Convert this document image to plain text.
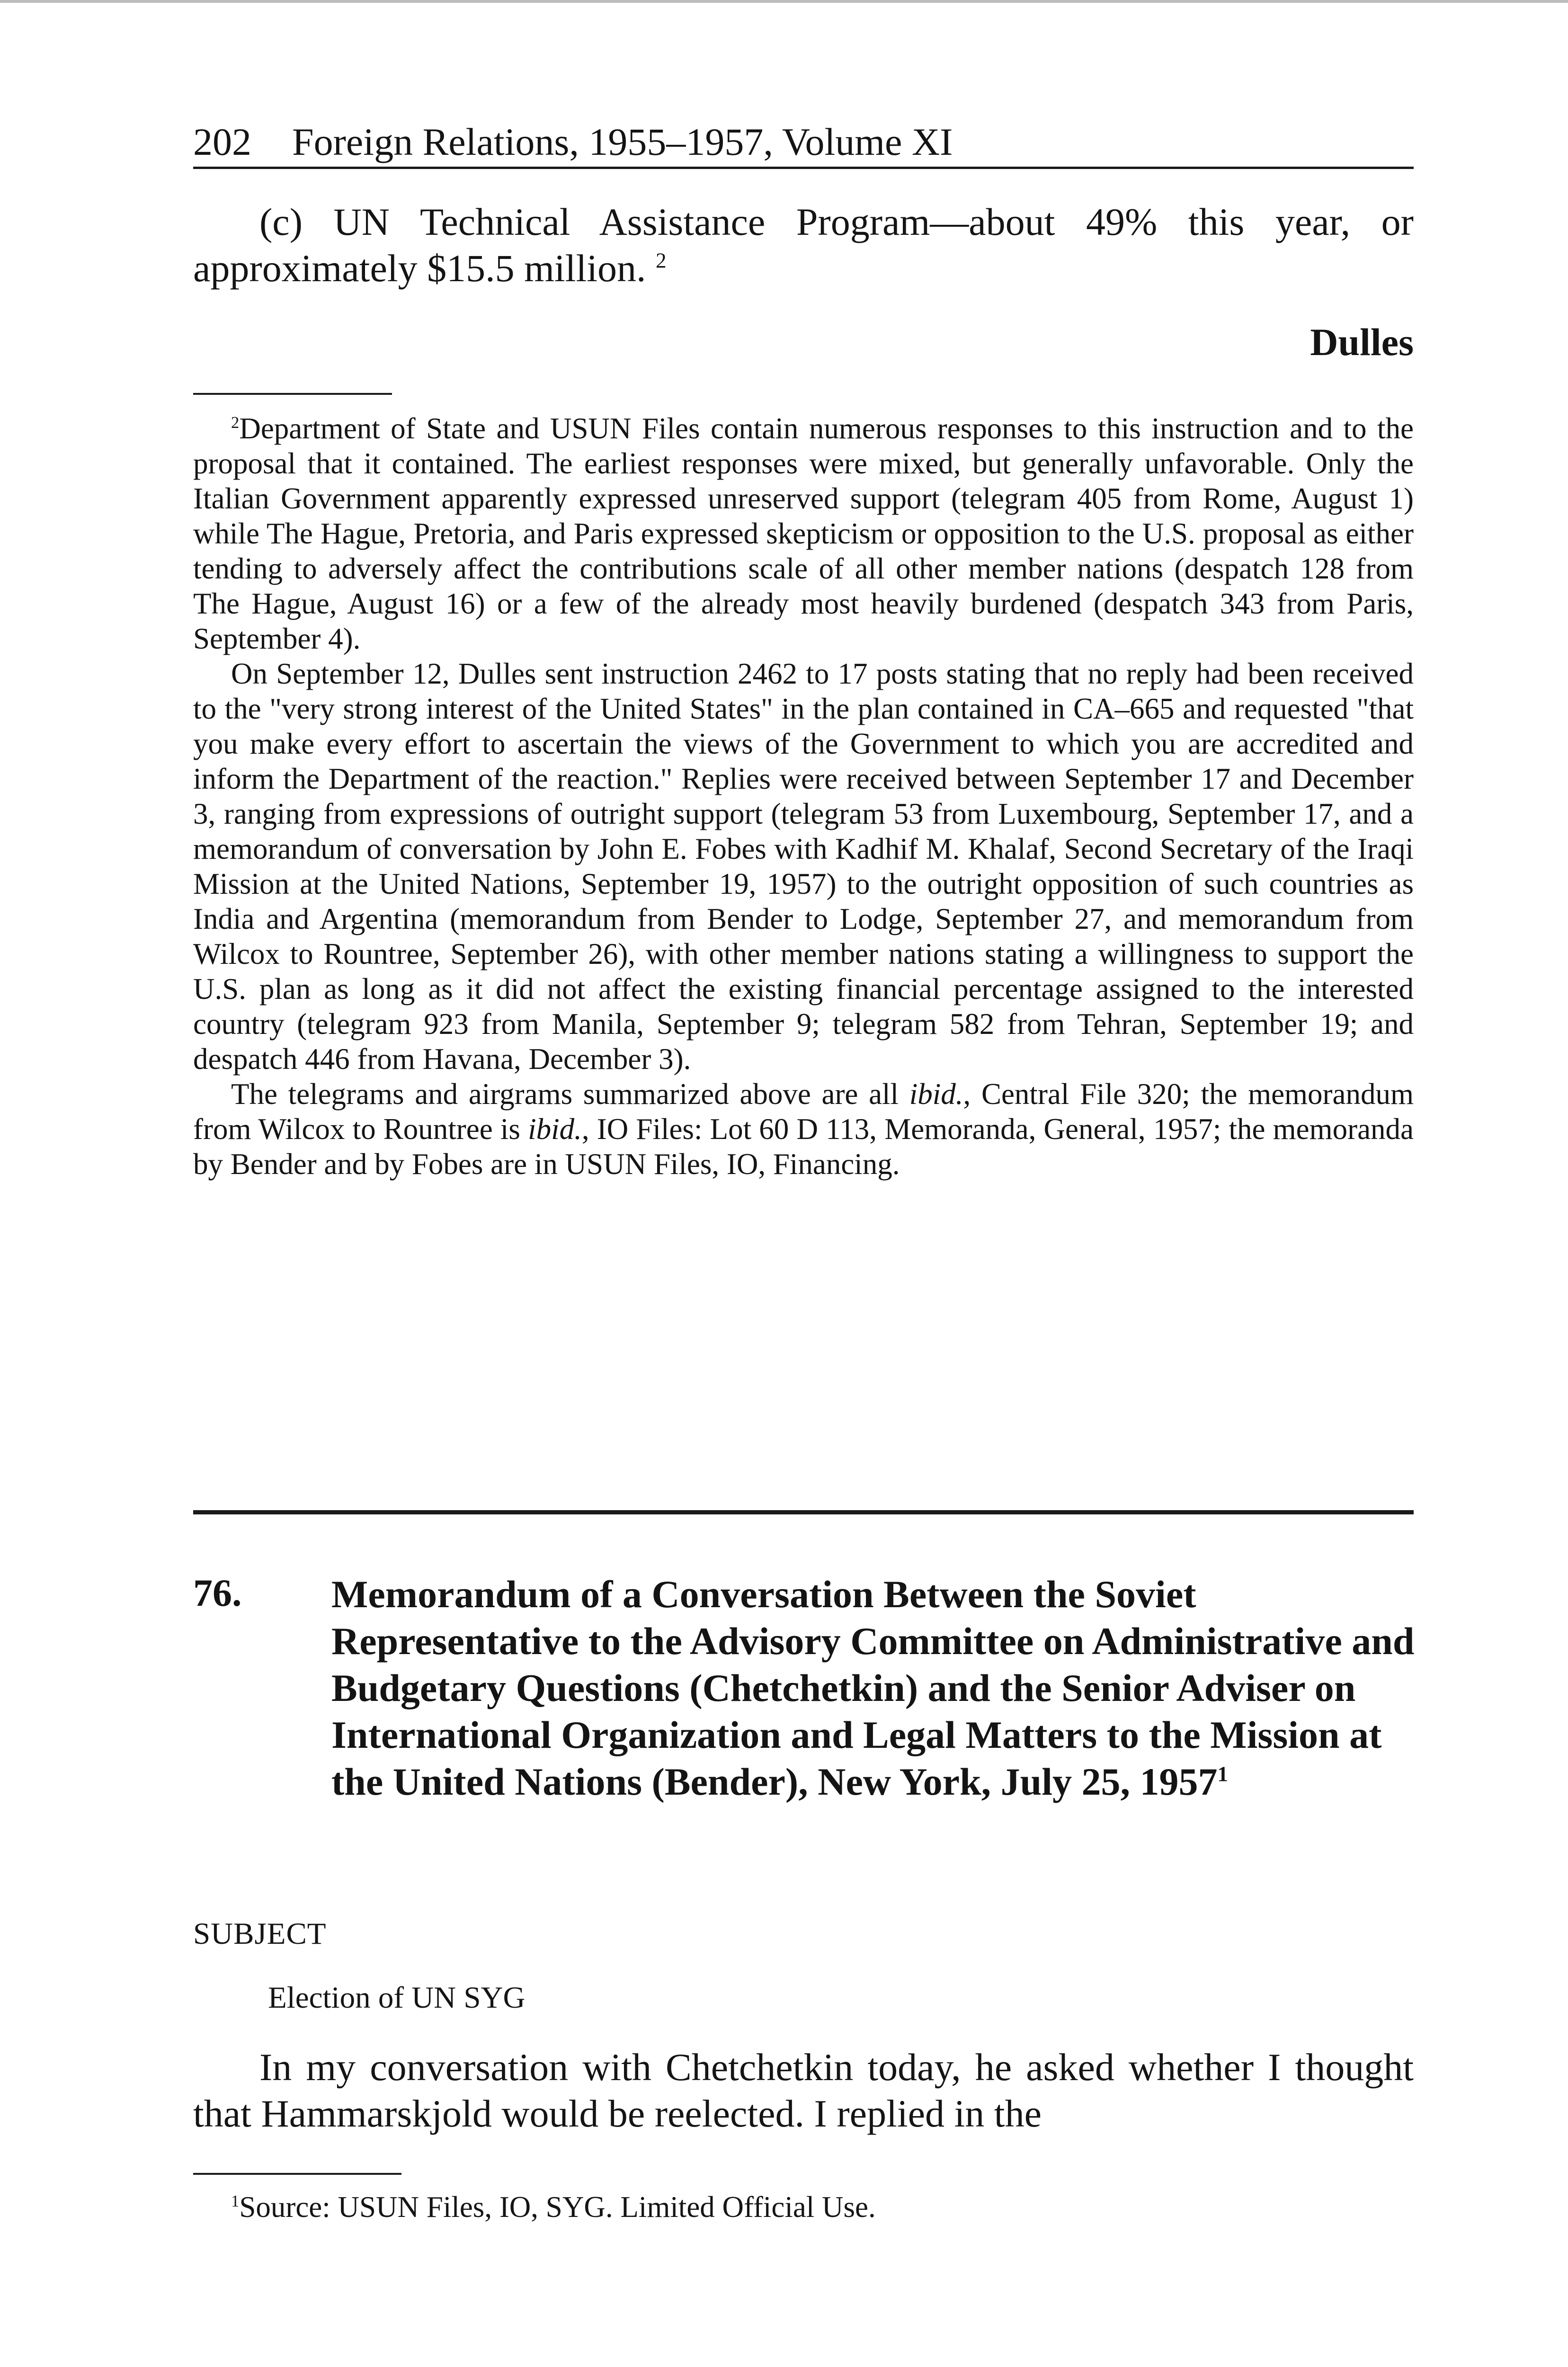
202 Foreign Relations, 1955–1957, Volume XI

(c) UN Technical Assistance Program—about 49% this year, or approximately $15.5 million. $^2$

Dulles

$^2$Department of State and USUN Files contain numerous responses to this instruction and to the proposal that it contained. The earliest responses were mixed, but generally unfavorable. Only the Italian Government apparently expressed unreserved support (telegram 405 from Rome, August 1) while The Hague, Pretoria, and Paris expressed skepticism or opposition to the U.S. proposal as either tending to adversely affect the contributions scale of all other member nations (despatch 128 from The Hague, August 16) or a few of the already most heavily burdened (despatch 343 from Paris, September 4).

On September 12, Dulles sent instruction 2462 to 17 posts stating that no reply had been received to the "very strong interest of the United States" in the plan contained in CA–665 and requested "that you make every effort to ascertain the views of the Government to which you are accredited and inform the Department of the reaction." Replies were received between September 17 and December 3, ranging from expressions of outright support (telegram 53 from Luxembourg, September 17, and a memorandum of conversation by John E. Fobes with Kadhif M. Khalaf, Second Secretary of the Iraqi Mission at the United Nations, September 19, 1957) to the outright opposition of such countries as India and Argentina (memorandum from Bender to Lodge, September 27, and memorandum from Wilcox to Rountree, September 26), with other member nations stating a willingness to support the U.S. plan as long as it did not affect the existing financial percentage assigned to the interested country (telegram 923 from Manila, September 9; telegram 582 from Tehran, September 19; and despatch 446 from Havana, December 3).

The telegrams and airgrams summarized above are all ibid., Central File 320; the memorandum from Wilcox to Rountree is ibid., IO Files: Lot 60 D 113, Memoranda, General, 1957; the memoranda by Bender and by Fobes are in USUN Files, IO, Financing.

76. Memorandum of a Conversation Between the Soviet Representative to the Advisory Committee on Administrative and Budgetary Questions (Chetchetkin) and the Senior Adviser on International Organization and Legal Matters to the Mission at the United Nations (Bender), New York, July 25, 1957$^1$
SUBJECT
Election of UN SYG

In my conversation with Chetchetkin today, he asked whether I thought that Hammarskjold would be reelected. I replied in the

$^1$Source: USUN Files, IO, SYG. Limited Official Use.
